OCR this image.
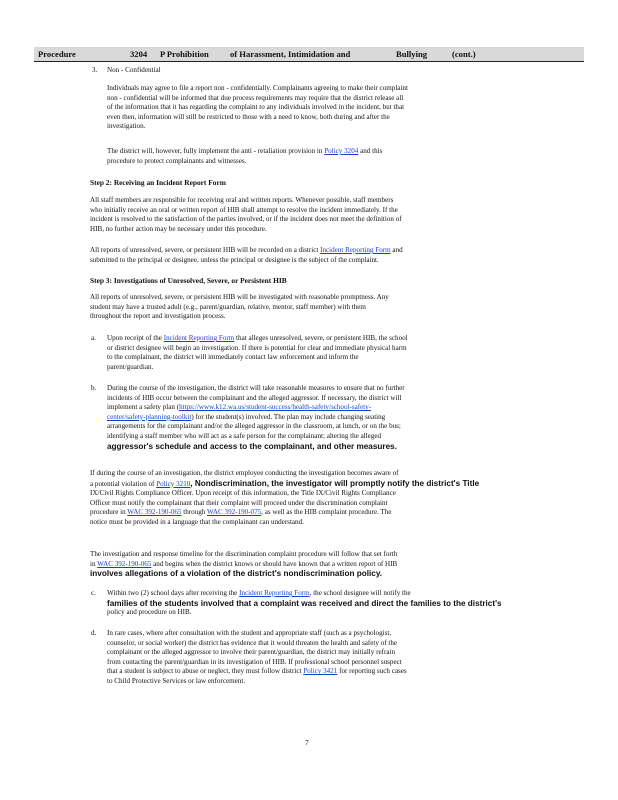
Procedure	3204 P Prohibition of Harassment, Intimidation and	Bullying	(cont.)
3. Non - Confidential
Individuals may agree to file a report non - confidentially. Complainants agreeing to make their complaint
non - confidential will be informed that due process requirements may require that the district release all
of the information that it has regarding the complaint to any individuals involved in the incident, but that
even then, information will still be restricted to those with a need to know, both during and after the
investigation.
The district will, however, fully implement the anti - retaliation provision in Policy 3204 and this
procedure to protect complainants and witnesses.
Step 2: Receiving an Incident Report Form
All staff members are responsible for receiving oral and written reports. Whenever possible, staff members
who initially receive an oral or written report of HIB shall attempt to resolve the incident immediately. If the
incident is resolved to the satisfaction of the parties involved, or if the incident does not meet the definition of
HIB, no further action may be necessary under this procedure.
All reports of unresolved, severe, or persistent HIB will be recorded on a district Incident Reporting Form and
submitted to the principal or designee, unless the principal or designee is the subject of the complaint.
Step 3: Investigations of Unresolved, Severe, or Persistent HIB
All reports of unresolved, severe, or persistent HIB will be investigated with reasonable promptness. Any
student may have a trusted adult (e.g., parent/guardian, relative, mentor, staff member) with them
throughout the report and investigation process.
a. Upon receipt of the Incident Reporting Form that alleges unresolved, severe, or persistent HIB, the school
or district designee will begin an investigation. If there is potential for clear and immediate physical harm
to the complainant, the district will immediately contact law enforcement and inform the
parent/guardian.
b. During the course of the investigation, the district will take reasonable measures to ensure that no further
incidents of HIB occur between the complainant and the alleged aggressor. If necessary, the district will
implement a safety plan (https://www.k12.wa.us/student-success/health-safety/school-safety-
center/safety-planning-toolkit) for the student(s) involved. The plan may include changing seating
arrangements for the complainant and/or the alleged aggressor in the classroom, at lunch, or on the bus;
identifying a staff member who will act as a safe person for the complainant; altering the alleged
aggressor's schedule and access to the complainant, and other measures.
If during the course of an investigation, the district employee conducting the investigation becomes aware of
a potential violation of Policy 3210, Nondiscrimination, the investigator will promptly notify the district's Title
IX/Civil Rights Compliance Officer. Upon receipt of this information, the Title IX/Civil Rights Compliance
Officer must notify the complainant that their complaint will proceed under the discrimination complaint
procedure in WAC 392-190-065 through WAC 392-190-075, as well as the HIB complaint procedure. The
notice must be provided in a language that the complainant can understand.
The investigation and response timeline for the discrimination complaint procedure will follow that set forth
in WAC 392-190-065 and begins when the district knows or should have known that a written report of HIB
involves allegations of a violation of the district's nondiscrimination policy.
c. Within two (2) school days after receiving the Incident Reporting Form, the school designee will notify the
families of the students involved that a complaint was received and direct the families to the district's
policy and procedure on HIB.
d. In rare cases, where after consultation with the student and appropriate staff (such as a psychologist,
counselor, or social worker) the district has evidence that it would threaten the health and safety of the
complainant or the alleged aggressor to involve their parent/guardian, the district may initially refrain
from contacting the parent/guardian in its investigation of HIB. If professional school personnel suspect
that a student is subject to abuse or neglect, they must follow district Policy 3421 for reporting such cases
to Child Protective Services or law enforcement.
7
